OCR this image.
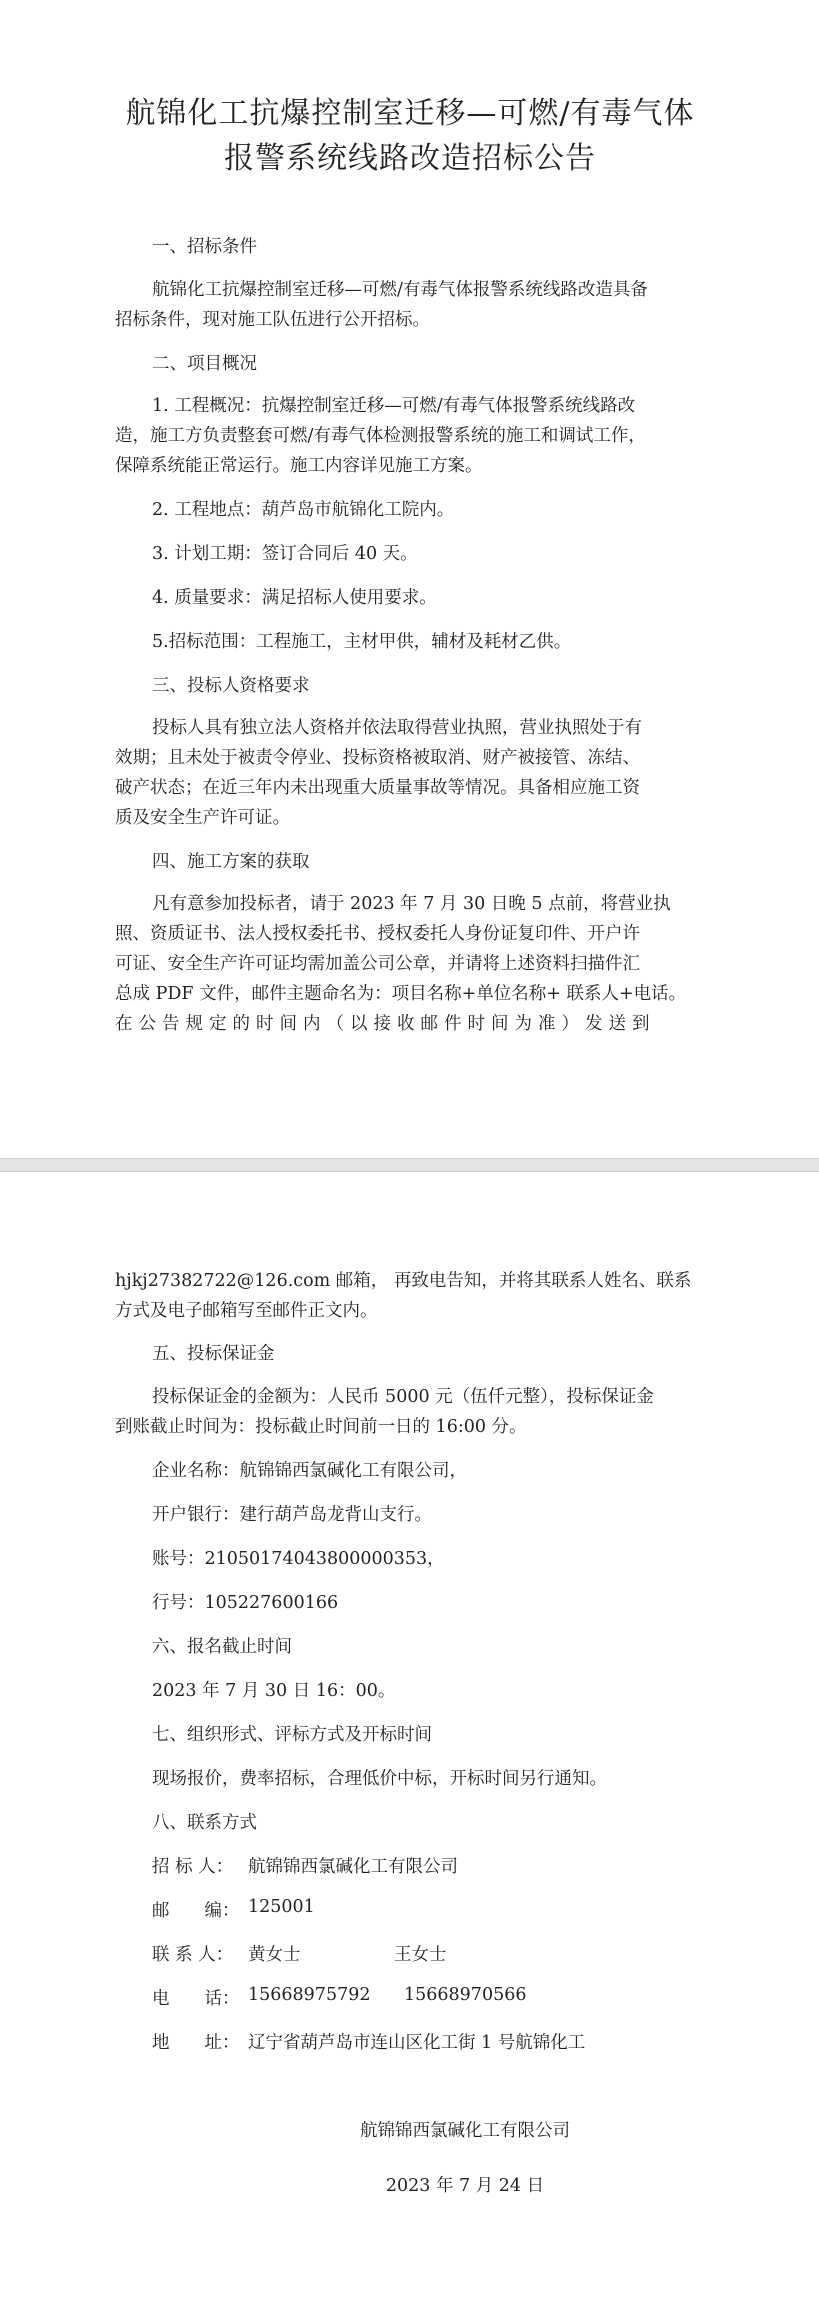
航锦化工抗爆控制室迁移—可燃/有毒气体
报警系统线路改造招标公告
一、招标条件
航锦化工抗爆控制室迁移—可燃/有毒气体报警系统线路改造具备
招标条件，现对施工队伍进行公开招标。
二、项目概况
1. 工程概况：抗爆控制室迁移—可燃/有毒气体报警系统线路改
造，施工方负责整套可燃/有毒气体检测报警系统的施工和调试工作，
保障系统能正常运行。施工内容详见施工方案。
2. 工程地点：葫芦岛市航锦化工院内。
3. 计划工期：签订合同后 40 天。
4. 质量要求：满足招标人使用要求。
5.招标范围：工程施工，主材甲供，辅材及耗材乙供。
三、投标人资格要求
投标人具有独立法人资格并依法取得营业执照，营业执照处于有
效期；且未处于被责令停业、投标资格被取消、财产被接管、冻结、
破产状态；在近三年内未出现重大质量事故等情况。具备相应施工资
质及安全生产许可证。
四、施工方案的获取
凡有意参加投标者，请于 2023 年 7 月 30 日晚 5 点前，将营业执
照、资质证书、法人授权委托书、授权委托人身份证复印件、开户许
可证、安全生产许可证均需加盖公司公章，并请将上述资料扫描件汇
总成 PDF 文件，邮件主题命名为：项目名称+单位名称+ 联系人+电话。
在公告规定的时间内（以接收邮件时间为准）发送到
hjkj27382722@126.com 邮箱， 再致电告知，并将其联系人姓名、联系
方式及电子邮箱写至邮件正文内。
五、投标保证金
投标保证金的金额为：人民币 5000 元（伍仟元整），投标保证金
到账截止时间为：投标截止时间前一日的 16:00 分。
企业名称：航锦锦西氯碱化工有限公司，
开户银行：建行葫芦岛龙背山支行。
账号：21050174043800000353，
行号：105227600166
六、报名截止时间
2023 年 7 月 30 日 16：00。
七、组织形式、评标方式及开标时间
现场报价，费率招标，合理低价中标，开标时间另行通知。
八、联系方式
招 标 人： 航锦锦西氯碱化工有限公司
邮　　编： 125001
联 系 人： 黄女士	王女士
电　　话： 15668975792 15668970566
地　　址： 辽宁省葫芦岛市连山区化工街 1 号航锦化工
航锦锦西氯碱化工有限公司
2023 年 7 月 24 日
